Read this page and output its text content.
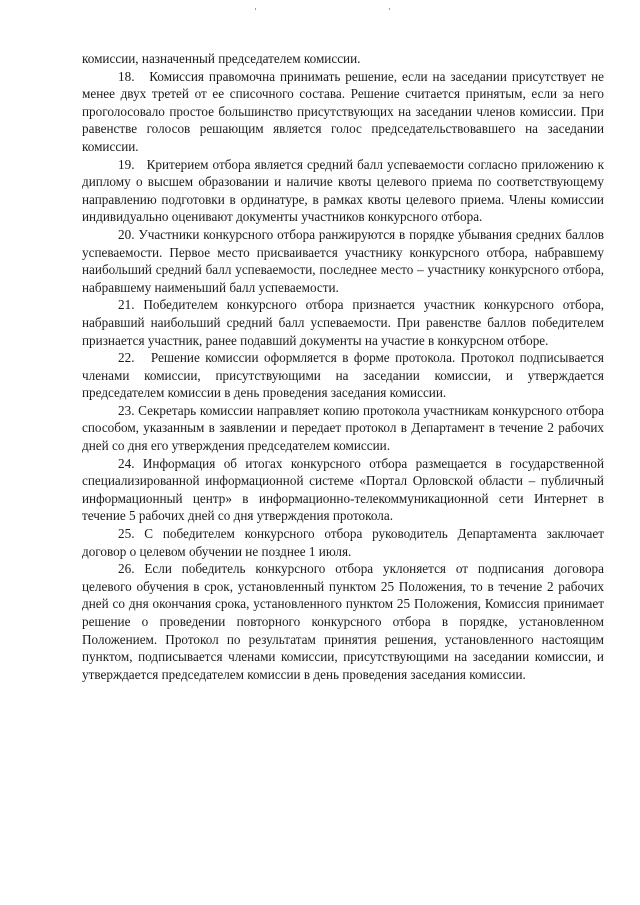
комиссии, назначенный председателем комиссии.

18.   Комиссия правомочна принимать решение, если на заседании присутствует не менее двух третей от ее списочного состава. Решение считается принятым, если за него проголосовало простое большинство присутствующих на заседании членов комиссии. При равенстве голосов решающим является голос председательствовавшего на заседании комиссии.

19.   Критерием отбора является средний балл успеваемости согласно приложению к диплому о высшем образовании и наличие квоты целевого приема по соответствующему направлению подготовки в ординатуре, в рамках квоты целевого приема. Члены комиссии индивидуально оценивают документы участников конкурсного отбора.

20. Участники конкурсного отбора ранжируются в порядке убывания средних баллов успеваемости. Первое место присваивается участнику конкурсного отбора, набравшему наибольший средний балл успеваемости, последнее место – участнику конкурсного отбора, набравшему наименьший балл успеваемости.

21. Победителем конкурсного отбора признается участник конкурсного отбора, набравший наибольший средний балл успеваемости. При равенстве баллов победителем признается участник, ранее подавший документы на участие в конкурсном отборе.

22.   Решение комиссии оформляется в форме протокола. Протокол подписывается членами комиссии, присутствующими на заседании комиссии, и утверждается председателем комиссии в день проведения заседания комиссии.

23. Секретарь комиссии направляет копию протокола участникам конкурсного отбора способом, указанным в заявлении и передает протокол в Департамент в течение 2 рабочих дней со дня его утверждения председателем комиссии.

24. Информация об итогах конкурсного отбора размещается в государственной специализированной информационной системе «Портал Орловской области – публичный информационный центр» в информационно-телекоммуникационной сети Интернет в течение 5 рабочих дней со дня утверждения протокола.

25. С победителем конкурсного отбора руководитель Департамента заключает договор о целевом обучении не позднее 1 июля.

26. Если победитель конкурсного отбора уклоняется от подписания договора целевого обучения в срок, установленный пунктом 25 Положения, то в течение 2 рабочих дней со дня окончания срока, установленного пунктом 25 Положения, Комиссия принимает решение о проведении повторного конкурсного отбора в порядке, установленном Положением. Протокол по результатам принятия решения, установленного настоящим пунктом, подписывается членами комиссии, присутствующими на заседании комиссии, и утверждается председателем комиссии в день проведения заседания комиссии.
